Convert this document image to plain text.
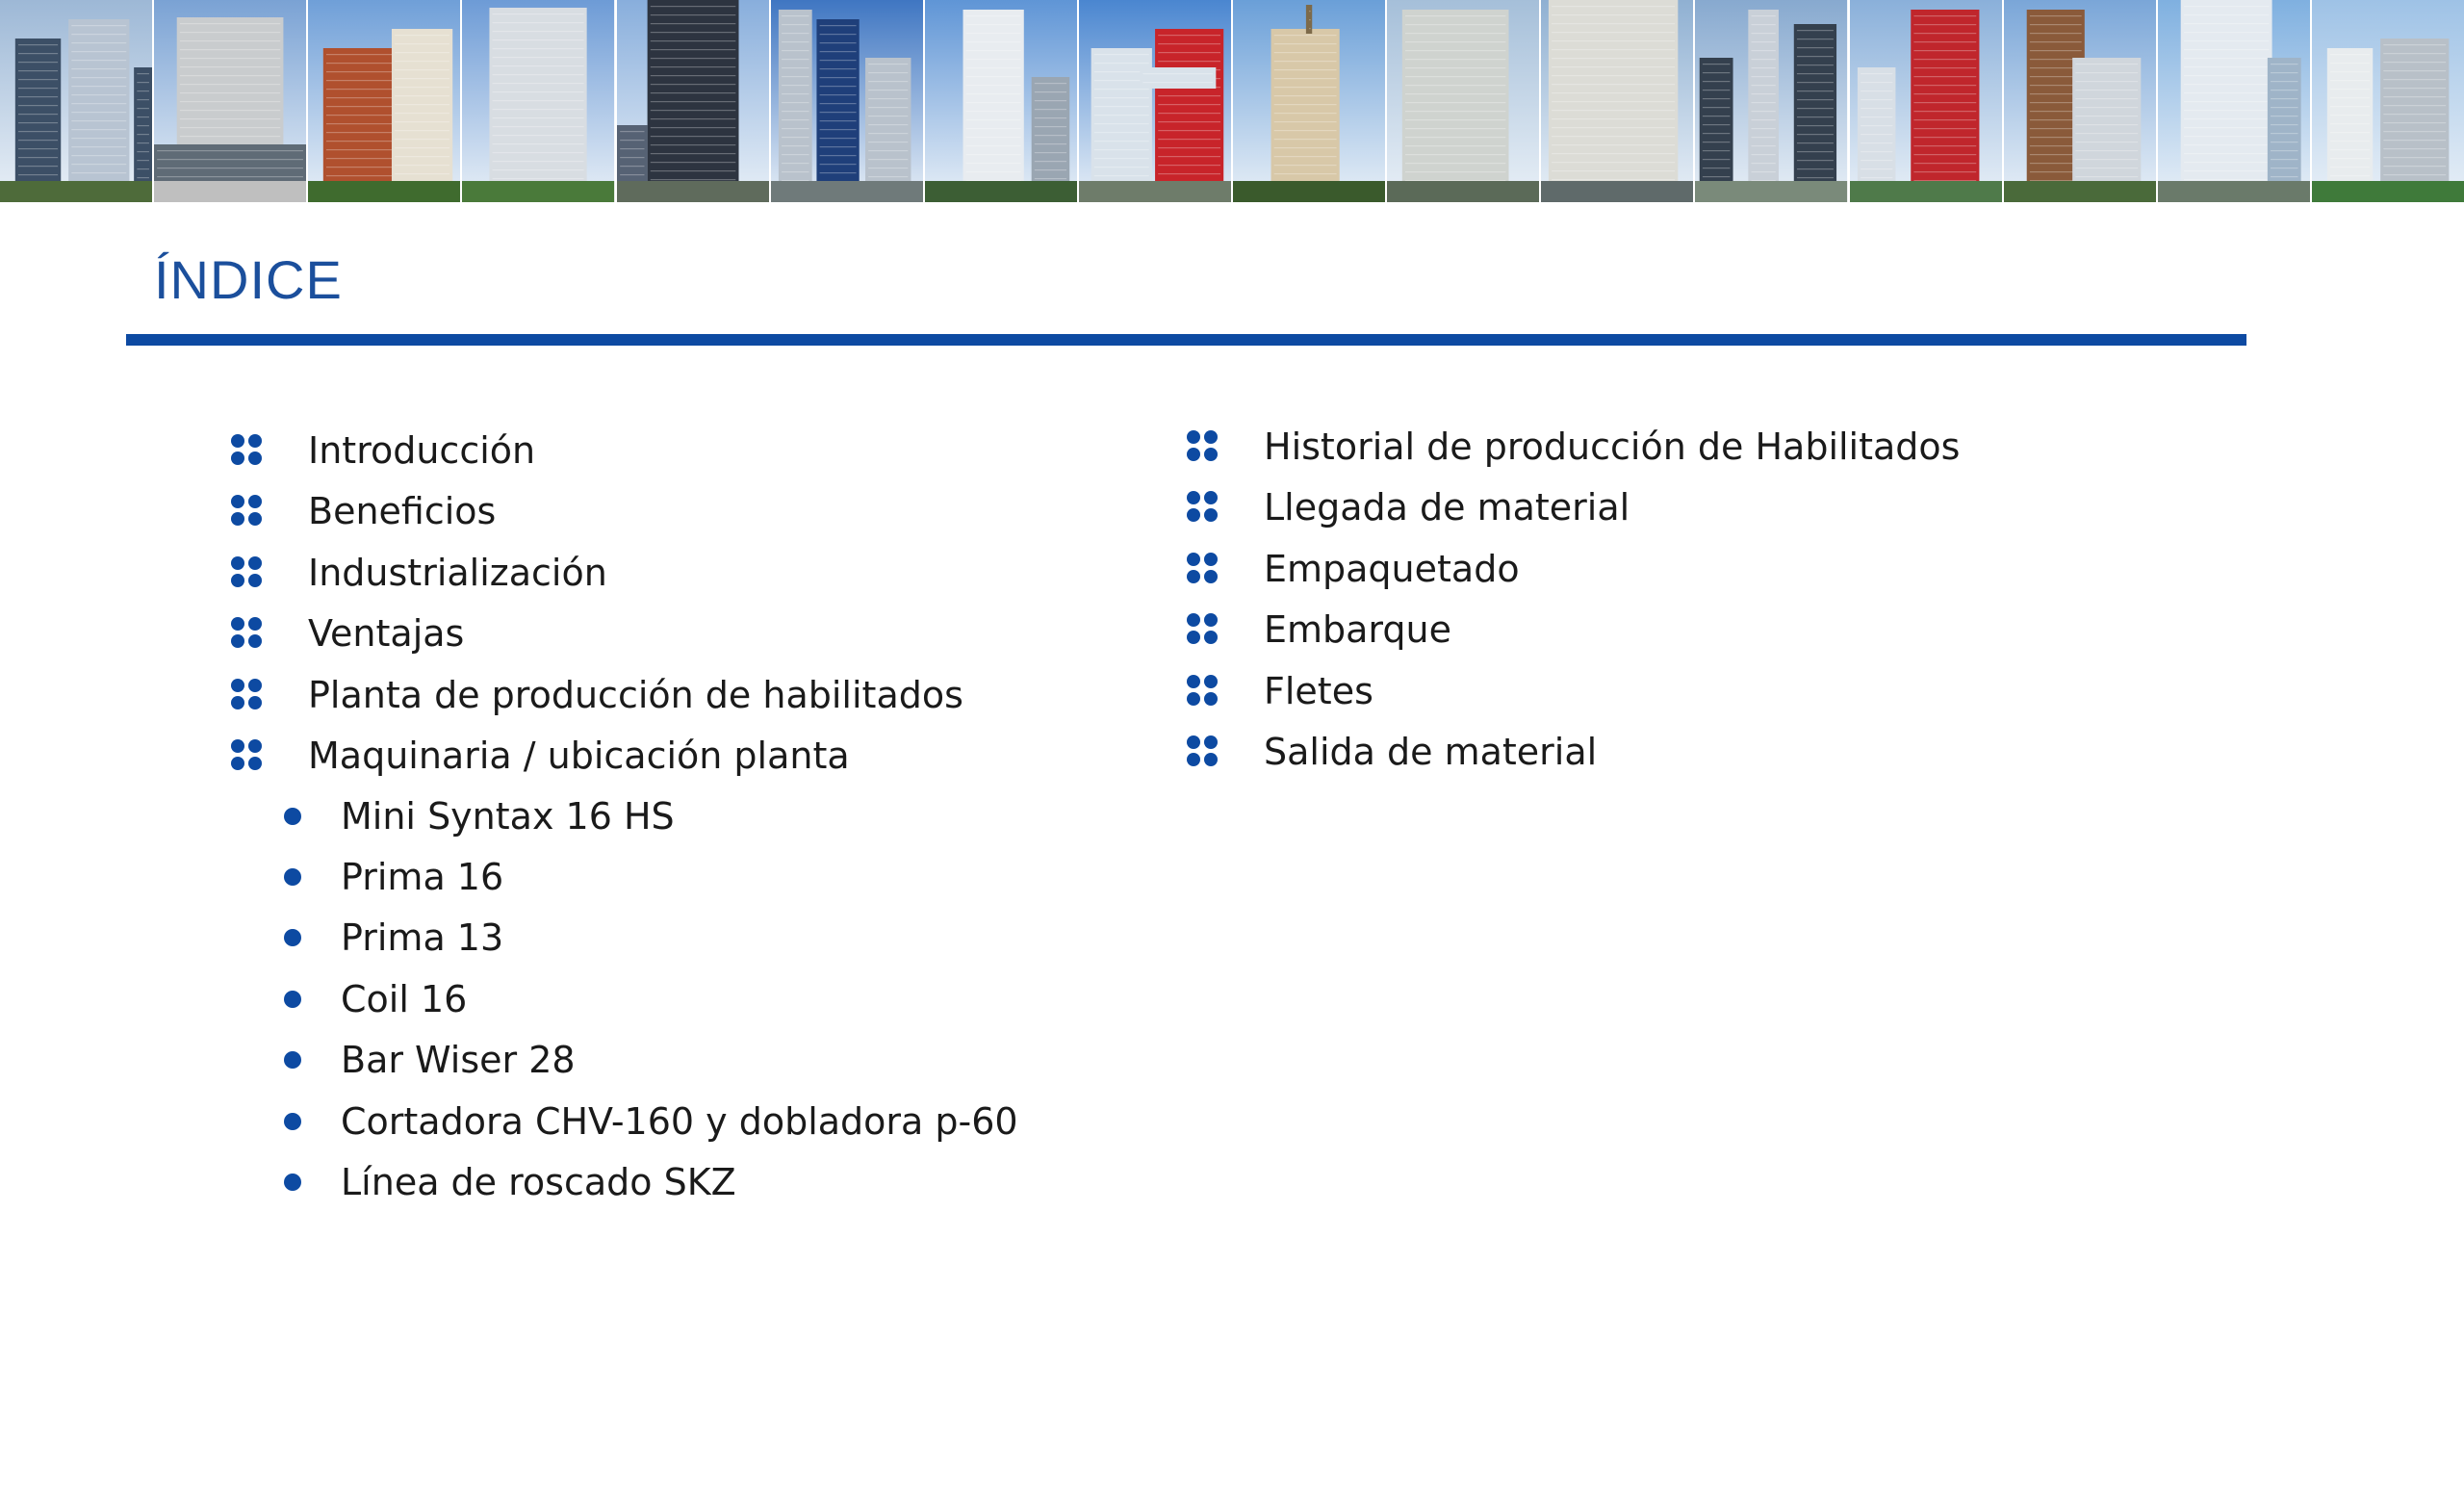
ÍNDICE
Introducción
Beneficios
Industrialización
Ventajas
Planta de producción de habilitados
Maquinaria / ubicación planta
Mini Syntax 16 HS
Prima 16
Prima 13
Coil 16
Bar Wiser 28
Cortadora CHV-160 y dobladora p-60
Línea de roscado SKZ
Historial de producción de Habilitados
Llegada de material
Empaquetado
Embarque
Fletes
Salida de material
